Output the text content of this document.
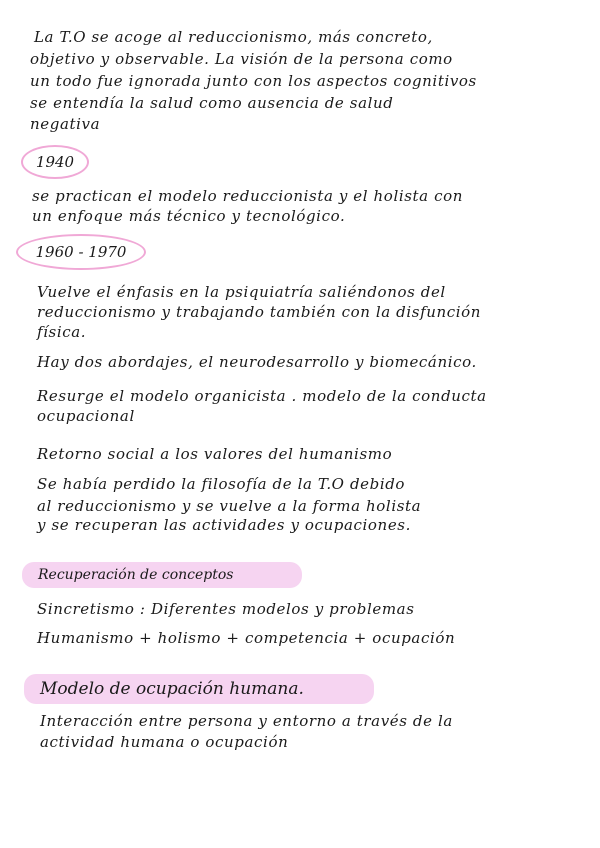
La T.O se acoge al reduccionismo, más concreto,
objetivo y observable. La visión de la persona como
un todo fue ignorada junto con los aspectos cognitivos
se entendía la salud como ausencia de salud
negativa
1940
se practican el modelo reduccionista y el holista con
un enfoque más técnico y tecnológico.
1960 - 1970
Vuelve el énfasis en la psiquiatría saliéndonos del
reduccionismo y trabajando también con la disfunción
física.
Hay dos abordajes, el neurodesarrollo y biomecánico.
Resurge el modelo organicista . modelo de la conducta
ocupacional
Retorno social a los valores del humanismo
Se había perdido la filosofía de la T.O debido
al reduccionismo y se vuelve a la forma holista
y se recuperan las actividades y ocupaciones.
Recuperación de conceptos
Sincretismo : Diferentes modelos y problemas
Humanismo + holismo + competencia + ocupación
Modelo de ocupación humana.
Interacción entre persona y entorno a través de la
actividad humana o ocupación
